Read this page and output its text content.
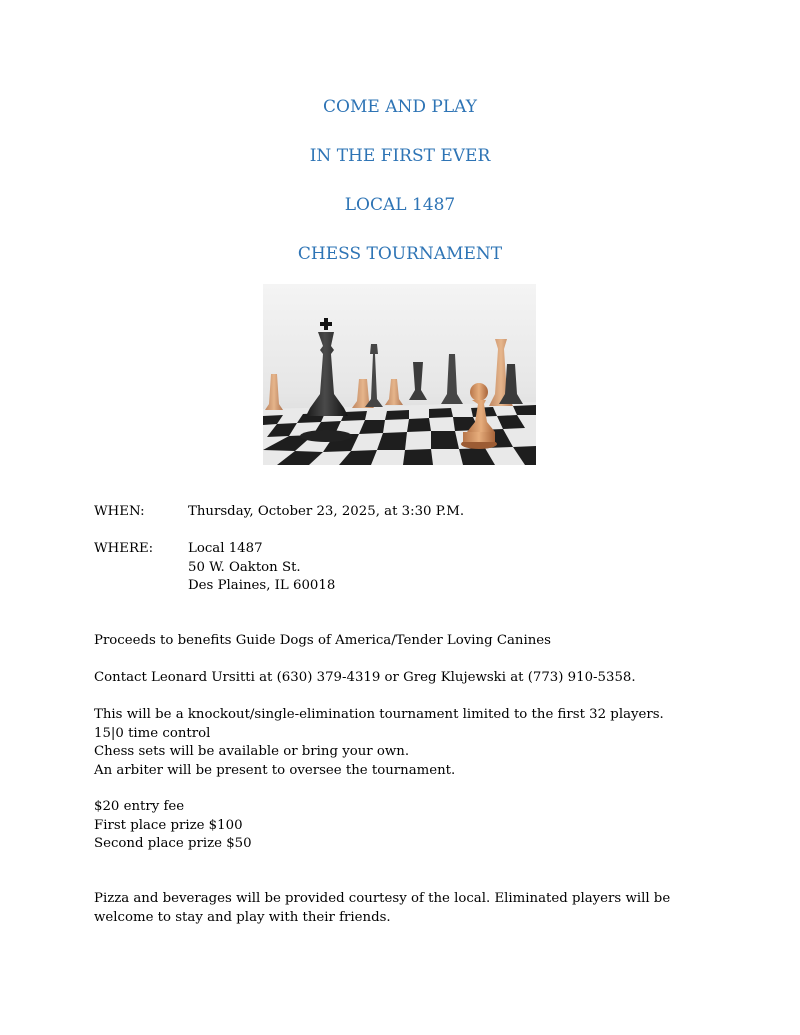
COME AND PLAY
IN THE FIRST EVER
LOCAL 1487
CHESS TOURNAMENT
WHEN:	Thursday, October 23, 2025, at 3:30 P.M.
WHERE:	Local 1487
50 W. Oakton St.
Des Plaines, IL 60018
Proceeds to benefits Guide Dogs of America/Tender Loving Canines
Contact Leonard Ursitti at (630) 379-4319 or Greg Klujewski at (773) 910-5358.
This will be a knockout/single-elimination tournament limited to the first 32 players.
15|0 time control
Chess sets will be available or bring your own.
An arbiter will be present to oversee the tournament.
$20 entry fee
First place prize $100
Second place prize $50
Pizza and beverages will be provided courtesy of the local. Eliminated players will be
welcome to stay and play with their friends.
